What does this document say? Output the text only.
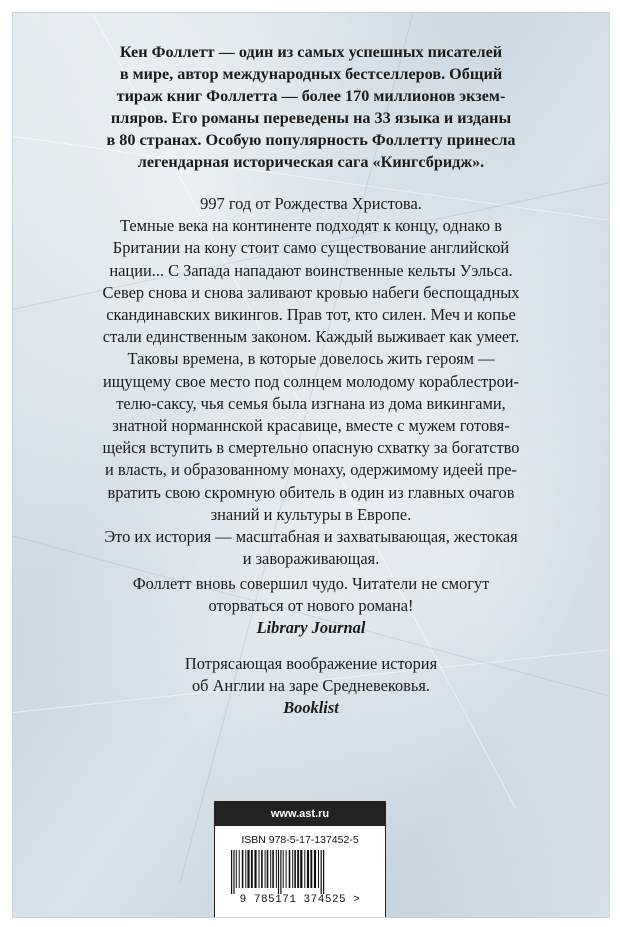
Кен Фоллетт — один из самых успешных писателей
в мире, автор международных бестселлеров. Общий
тираж книг Фоллетта — более 170 миллионов экзем-
пляров. Его романы переведены на 33 языка и изданы
в 80 странах. Особую популярность Фоллетту принесла
легендарная историческая сага «Кингсбридж».
997 год от Рождества Христова.
Темные века на континенте подходят к концу, однако в
Британии на кону стоит само существование английской
нации... С Запада нападают воинственные кельты Уэльса.
Север снова и снова заливают кровью набеги беспощадных
скандинавских викингов. Прав тот, кто силен. Меч и копье
стали единственным законом. Каждый выживает как умеет.
Таковы времена, в которые довелось жить героям —
ищущему свое место под солнцем молодому кораблестрои-
телю-саксу, чья семья была изгнана из дома викингами,
знатной норманнской красавице, вместе с мужем готовя-
щейся вступить в смертельно опасную схватку за богатство
и власть, и образованному монаху, одержимому идеей пре-
вратить свою скромную обитель в один из главных очагов
знаний и культуры в Европе.
Это их история — масштабная и захватывающая, жестокая
и завораживающая.
Фоллетт вновь совершил чудо. Читатели не смогут
оторваться от нового романа!
Library Journal
Потрясающая воображение история
об Англии на заре Средневековья.
Booklist
www.ast.ru
ISBN 978-5-17-137452-5
9 785171 374525 >
